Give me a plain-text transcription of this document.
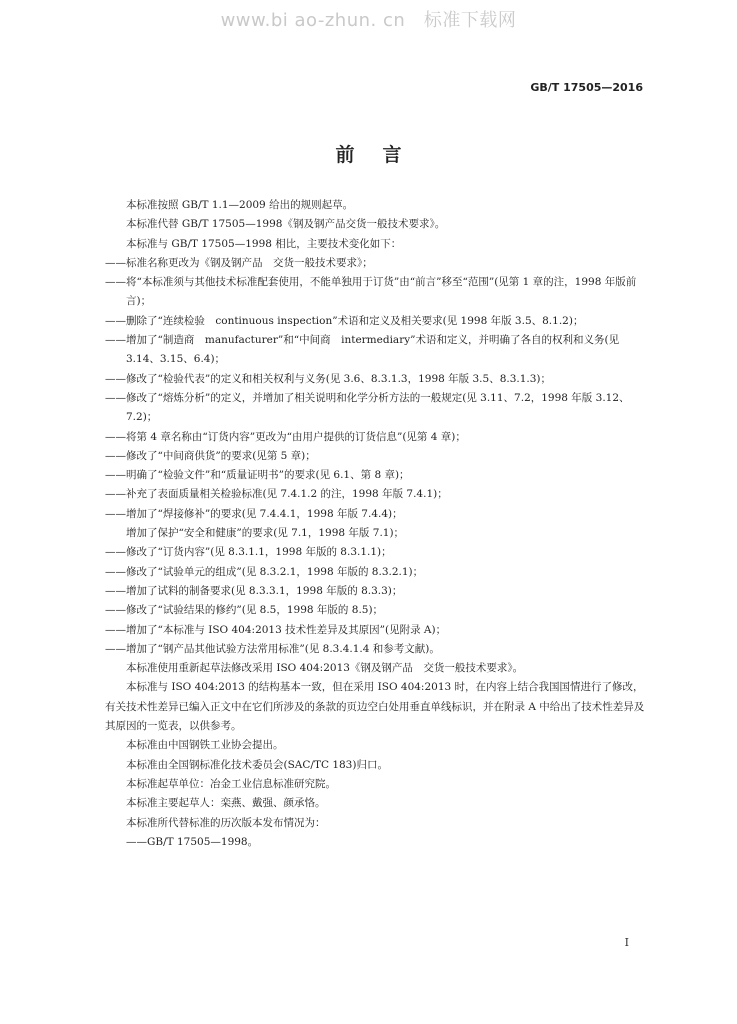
www.bi ao-zhun. cn   标准下载网
GB/T 17505—2016
前言

本标准按照 GB/T 1.1—2009 给出的规则起草。

本标准代替 GB/T 17505—1998《钢及钢产品交货一般技术要求》。

本标准与 GB/T 17505—1998 相比，主要技术变化如下：

——标准名称更改为《钢及钢产品　交货一般技术要求》；

——将“本标准须与其他技术标准配套使用，不能单独用于订货”由“前言”移至“范围”(见第 1 章的注，1998 年版前言)；

——删除了“连续检验　continuous inspection”术语和定义及相关要求(见 1998 年版 3.5、8.1.2)；

——增加了“制造商　manufacturer”和“中间商　intermediary”术语和定义，并明确了各自的权利和义务(见 3.14、3.15、6.4)；

——修改了“检验代表”的定义和相关权利与义务(见 3.6、8.3.1.3，1998 年版 3.5、8.3.1.3)；

——修改了“熔炼分析”的定义，并增加了相关说明和化学分析方法的一般规定(见 3.11、7.2，1998 年版 3.12、7.2)；

——将第 4 章名称由“订货内容”更改为“由用户提供的订货信息”(见第 4 章)；

——修改了“中间商供货”的要求(见第 5 章)；

——明确了“检验文件”和“质量证明书”的要求(见 6.1、第 8 章)；

——补充了表面质量相关检验标准(见 7.4.1.2 的注，1998 年版 7.4.1)；

——增加了“焊接修补”的要求(见 7.4.4.1，1998 年版 7.4.4)；

增加了保护“安全和健康”的要求(见 7.1，1998 年版 7.1)；

——修改了“订货内容”(见 8.3.1.1，1998 年版的 8.3.1.1)；

——修改了“试验单元的组成”(见 8.3.2.1，1998 年版的 8.3.2.1)；

——增加了试料的制备要求(见 8.3.3.1，1998 年版的 8.3.3)；

——修改了“试验结果的修约”(见 8.5，1998 年版的 8.5)；

——增加了“本标准与 ISO 404:2013 技术性差异及其原因”(见附录 A)；

——增加了“钢产品其他试验方法常用标准”(见 8.3.4.1.4 和参考文献)。

本标准使用重新起草法修改采用 ISO 404:2013《钢及钢产品　交货一般技术要求》。

本标准与 ISO 404:2013 的结构基本一致，但在采用 ISO 404:2013 时，在内容上结合我国国情进行了修改，有关技术性差异已编入正文中在它们所涉及的条款的页边空白处用垂直单线标识，并在附录 A 中给出了技术性差异及其原因的一览表，以供参考。

本标准由中国钢铁工业协会提出。

本标准由全国钢标准化技术委员会(SAC/TC 183)归口。

本标准起草单位：冶金工业信息标准研究院。

本标准主要起草人：栾燕、戴强、颜承恪。

本标准所代替标准的历次版本发布情况为：

——GB/T 17505—1998。

I
